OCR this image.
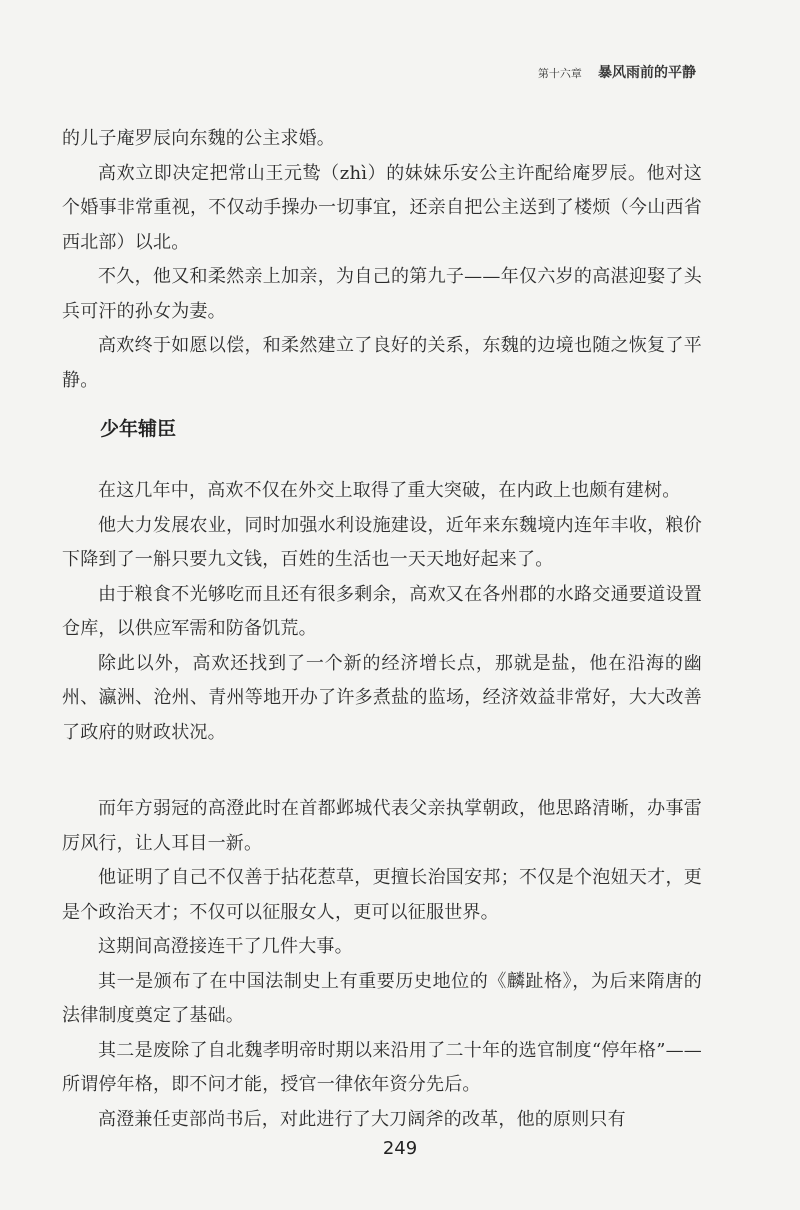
第十六章 暴风雨前的平静

的儿子庵罗辰向东魏的公主求婚。

高欢立即决定把常山王元鸷（zhì）的妹妹乐安公主许配给庵罗辰。他对这个婚事非常重视，不仅动手操办一切事宜，还亲自把公主送到了楼烦（今山西省西北部）以北。

不久，他又和柔然亲上加亲，为自己的第九子——年仅六岁的高湛迎娶了头兵可汗的孙女为妻。

高欢终于如愿以偿，和柔然建立了良好的关系，东魏的边境也随之恢复了平静。

少年辅臣

在这几年中，高欢不仅在外交上取得了重大突破，在内政上也颇有建树。

他大力发展农业，同时加强水利设施建设，近年来东魏境内连年丰收，粮价下降到了一斛只要九文钱，百姓的生活也一天天地好起来了。

由于粮食不光够吃而且还有很多剩余，高欢又在各州郡的水路交通要道设置仓库，以供应军需和防备饥荒。

除此以外，高欢还找到了一个新的经济增长点，那就是盐，他在沿海的幽州、瀛洲、沧州、青州等地开办了许多煮盐的监场，经济效益非常好，大大改善了政府的财政状况。

而年方弱冠的高澄此时在首都邺城代表父亲执掌朝政，他思路清晰，办事雷厉风行，让人耳目一新。

他证明了自己不仅善于拈花惹草，更擅长治国安邦；不仅是个泡妞天才，更是个政治天才；不仅可以征服女人，更可以征服世界。

这期间高澄接连干了几件大事。

其一是颁布了在中国法制史上有重要历史地位的《麟趾格》，为后来隋唐的法律制度奠定了基础。

其二是废除了自北魏孝明帝时期以来沿用了二十年的选官制度“停年格”——所谓停年格，即不问才能，授官一律依年资分先后。

高澄兼任吏部尚书后，对此进行了大刀阔斧的改革，他的原则只有

249
